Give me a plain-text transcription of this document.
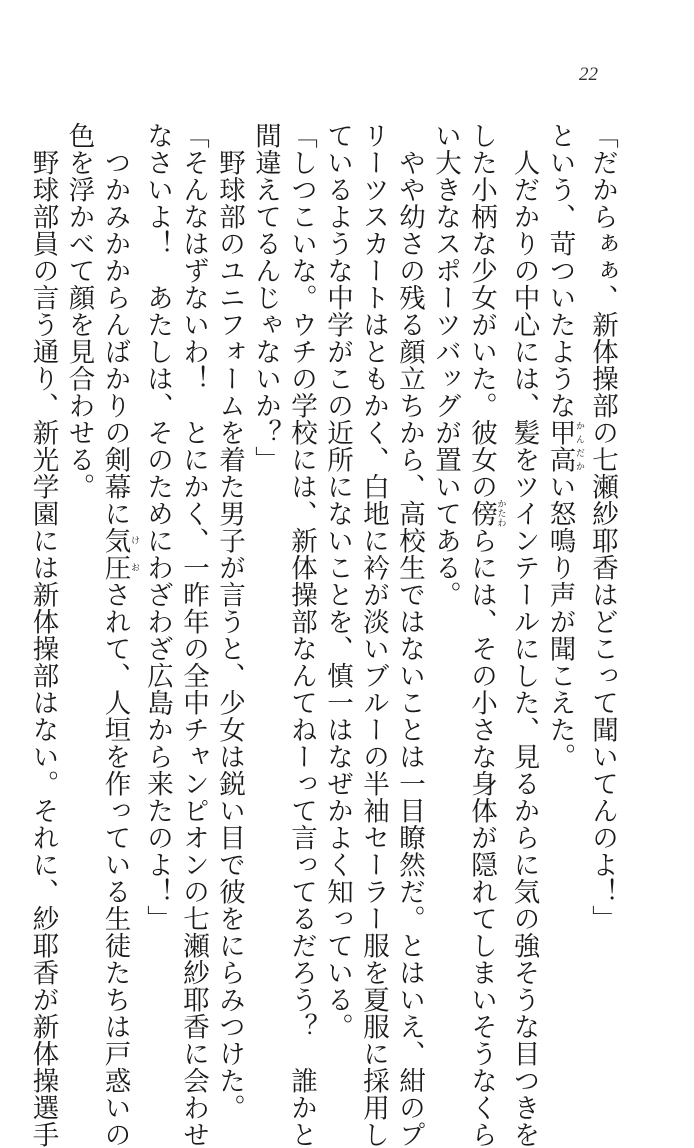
22
「だからぁぁ、新体操部の七瀬紗耶香はどこって聞いてんのよ！」
という、苛ついたような甲高かんだかい怒鳴り声が聞こえた。
人だかりの中心には、髪をツインテールにした、見るからに気の強そうな目つきを
した小柄な少女がいた。彼女の傍かたわらには、その小さな身体が隠れてしまいそうなくら
い大きなスポーツバッグが置いてある。
やや幼さの残る顔立ちから、高校生ではないことは一目瞭然だ。とはいえ、紺のプ
リーツスカートはともかく、白地に衿が淡いブルーの半袖セーラー服を夏服に採用し
ているような中学がこの近所にないことを、慎一はなぜかよく知っている。
「しつこいな。ウチの学校には、新体操部なんてねーって言ってるだろう？　誰かと
間違えてるんじゃないか？」
野球部のユニフォームを着た男子が言うと、少女は鋭い目で彼をにらみつけた。
「そんなはずないわ！　とにかく、一昨年の全中チャンピオンの七瀬紗耶香に会わせ
なさいよ！　あたしは、そのためにわざわざ広島から来たのよ！」
つかみかからんばかりの剣幕に気圧けおされて、人垣を作っている生徒たちは戸惑いの
色を浮かべて顔を見合わせる。
野球部員の言う通り、新光学園には新体操部はない。それに、紗耶香が新体操選手
